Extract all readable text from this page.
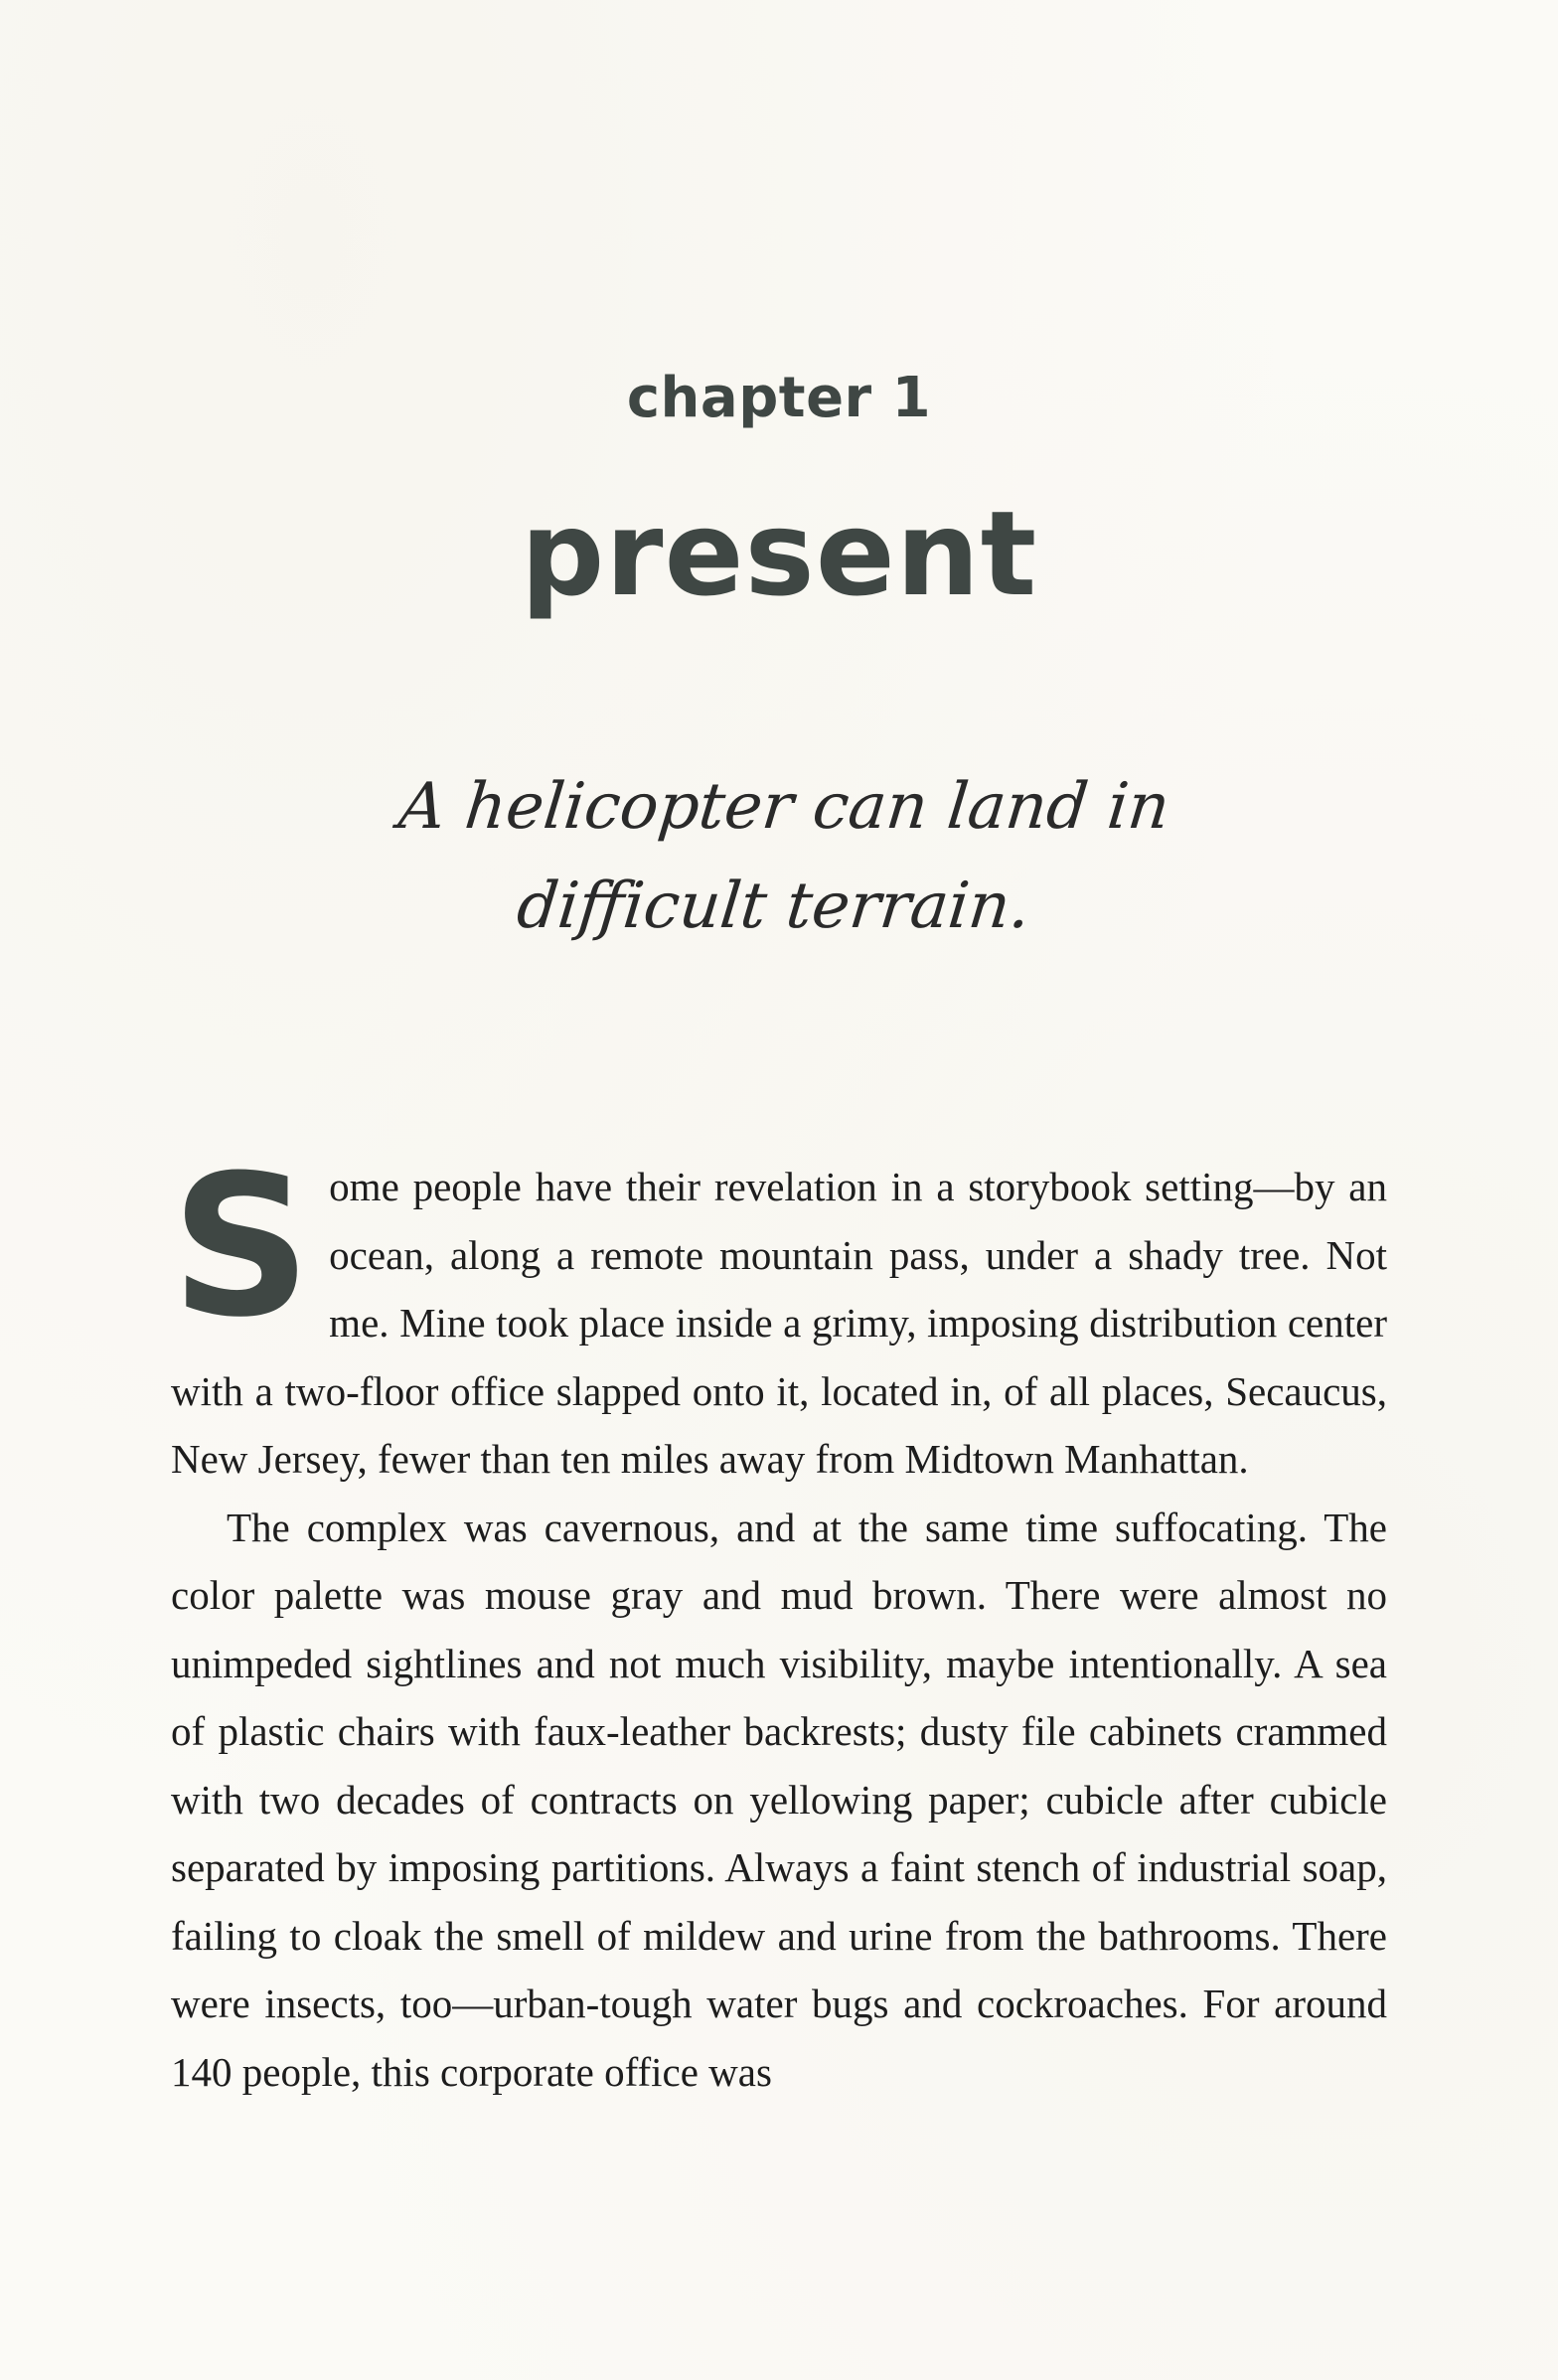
chapter 1
present
A helicopter can land in
difficult terrain.

Some people have their revelation in a storybook setting—by an ocean, along a remote mountain pass, under a shady tree. Not me. Mine took place inside a grimy, imposing distribution center with a two-floor office slapped onto it, located in, of all places, Secaucus, New Jersey, fewer than ten miles away from Midtown Manhattan.

The complex was cavernous, and at the same time suffocating. The color palette was mouse gray and mud brown. There were almost no unimpeded sightlines and not much visibility, maybe intentionally. A sea of plastic chairs with faux-leather backrests; dusty file cabinets crammed with two decades of contracts on yellowing paper; cubicle after cubicle separated by imposing partitions. Always a faint stench of industrial soap, failing to cloak the smell of mildew and urine from the bathrooms. There were insects, too—urban-tough water bugs and cockroaches. For around 140 people, this corporate office was
